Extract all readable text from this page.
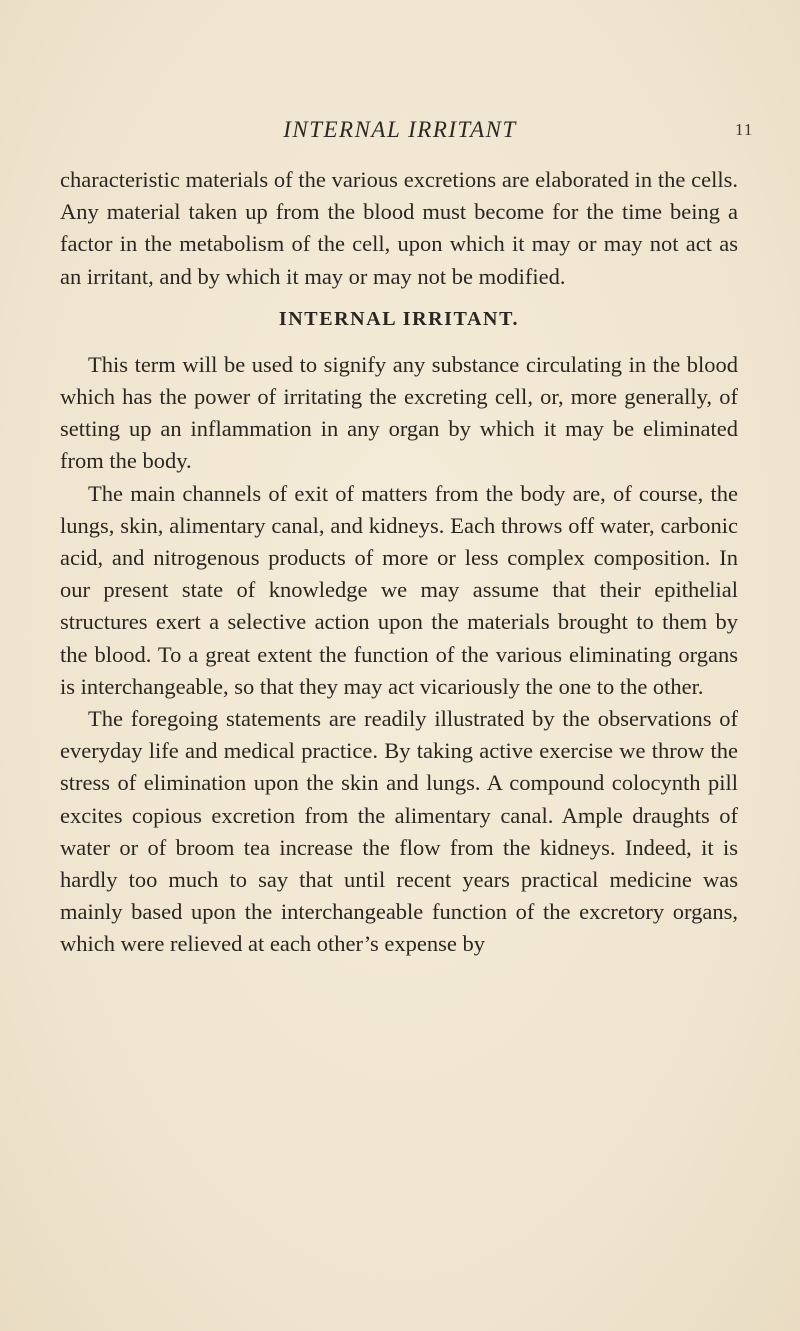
INTERNAL IRRITANT	11

characteristic materials of the various excretions are elaborated in the cells. Any material taken up from the blood must become for the time being a factor in the metabolism of the cell, upon which it may or may not act as an irritant, and by which it may or may not be modified.

INTERNAL IRRITANT.

This term will be used to signify any substance circulating in the blood which has the power of irritating the excreting cell, or, more generally, of setting up an inflammation in any organ by which it may be eliminated from the body.

The main channels of exit of matters from the body are, of course, the lungs, skin, alimentary canal, and kidneys. Each throws off water, carbonic acid, and nitrogenous products of more or less complex composition. In our present state of knowledge we may assume that their epithelial structures exert a selective action upon the materials brought to them by the blood. To a great extent the function of the various eliminating organs is interchangeable, so that they may act vicariously the one to the other.

The foregoing statements are readily illustrated by the observations of everyday life and medical practice. By taking active exercise we throw the stress of elimination upon the skin and lungs. A compound colocynth pill excites copious excretion from the alimentary canal. Ample draughts of water or of broom tea increase the flow from the kidneys. Indeed, it is hardly too much to say that until recent years practical medicine was mainly based upon the interchangeable function of the excretory organs, which were relieved at each other’s expense by
